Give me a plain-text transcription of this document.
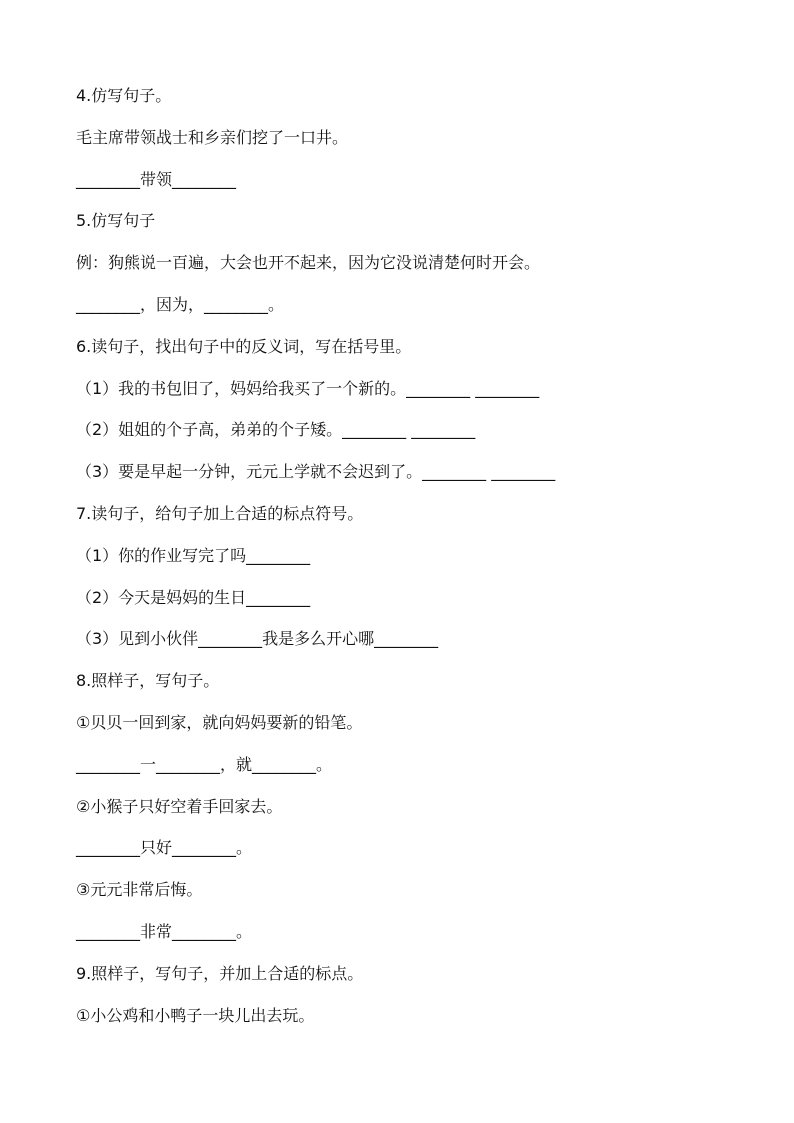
4.仿写句子。
毛主席带领战士和乡亲们挖了一口井。
________带领________
5.仿写句子
例：狗熊说一百遍，大会也开不起来，因为它没说清楚何时开会。
________，因为，________。
6.读句子，找出句子中的反义词，写在括号里。
（1）我的书包旧了，妈妈给我买了一个新的。________ ________
（2）姐姐的个子高，弟弟的个子矮。________ ________
（3）要是早起一分钟，元元上学就不会迟到了。________ ________
7.读句子，给句子加上合适的标点符号。
（1）你的作业写完了吗________
（2）今天是妈妈的生日________
（3）见到小伙伴________我是多么开心哪________
8.照样子，写句子。
①贝贝一回到家，就向妈妈要新的铅笔。
________一________，就________。
②小猴子只好空着手回家去。
________只好________。
③元元非常后悔。
________非常________。
9.照样子，写句子，并加上合适的标点。
①小公鸡和小鸭子一块儿出去玩。
